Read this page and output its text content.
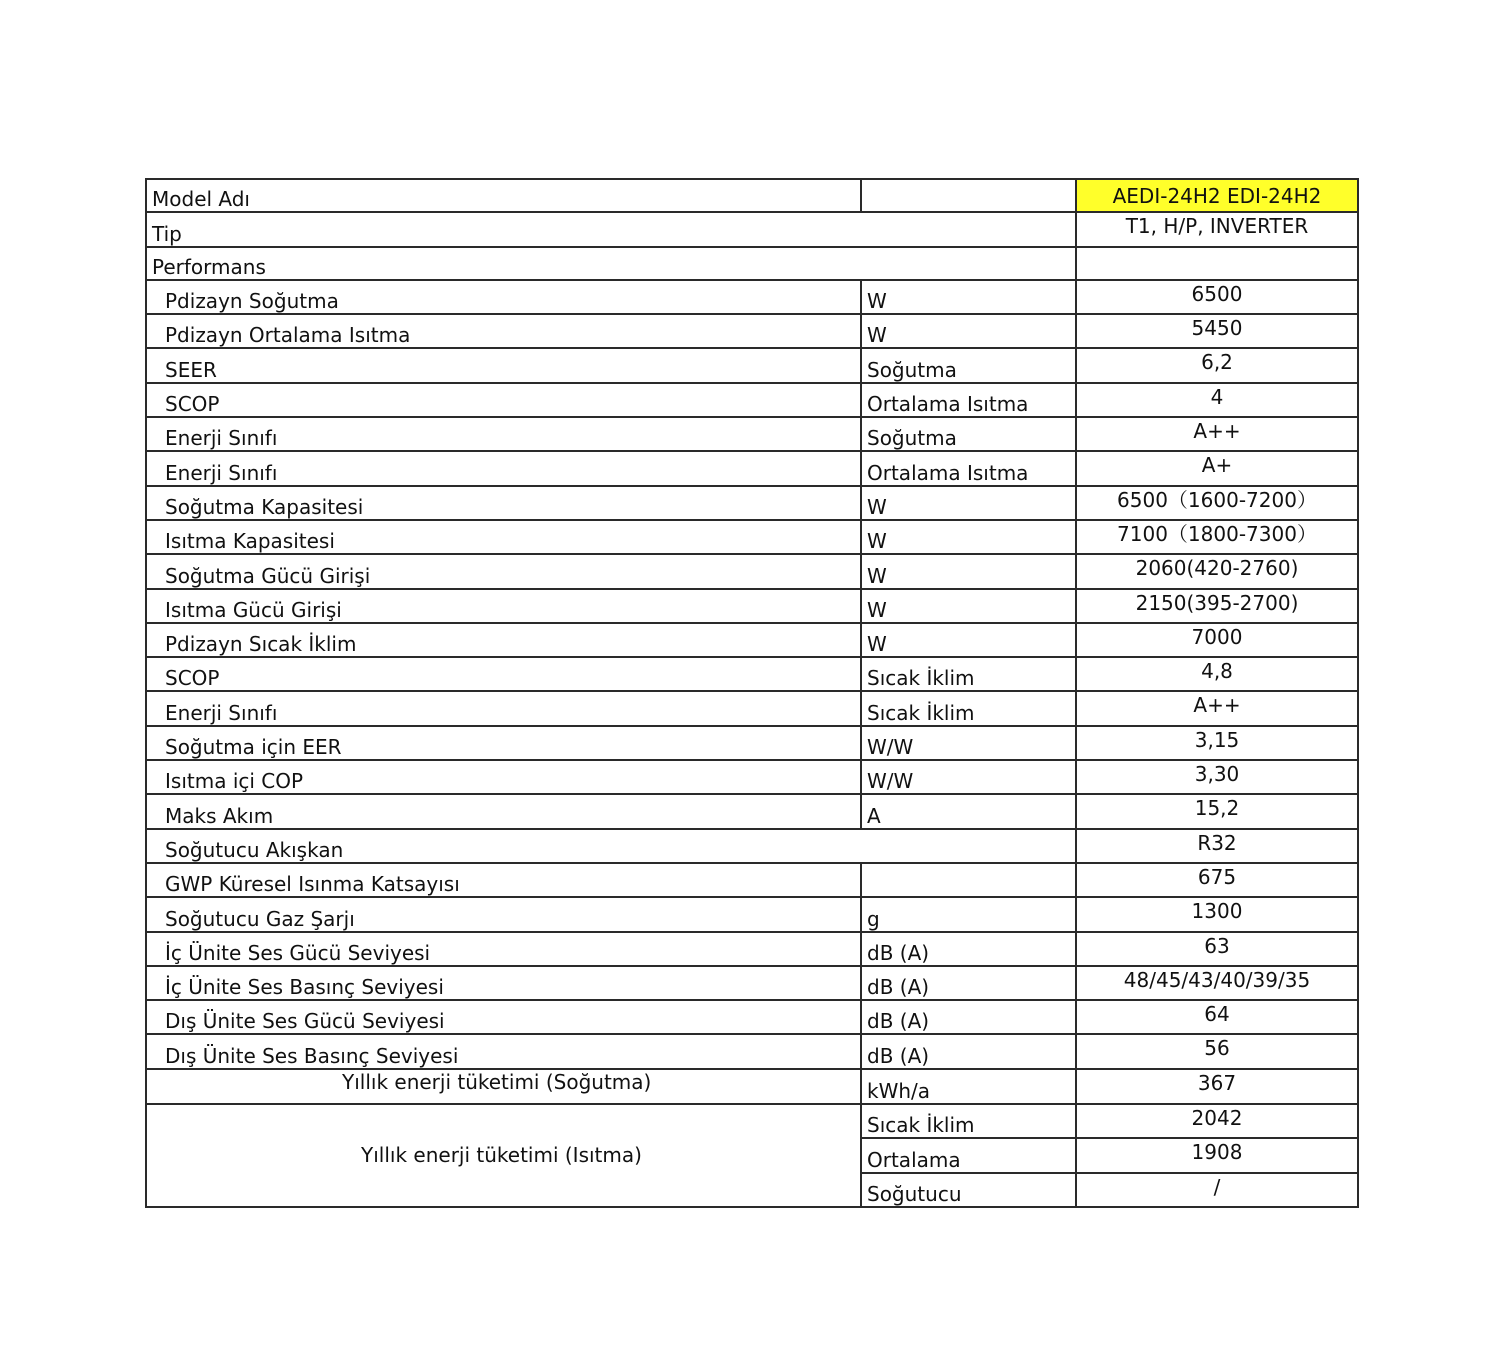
Model Adı		AEDI-24H2 EDI-24H2
Tip		T1, H/P, INVERTER
Performans		
Pdizayn Soğutma	W	6500
Pdizayn Ortalama Isıtma	W	5450
SEER	Soğutma	6,2
SCOP	Ortalama Isıtma	4
Enerji Sınıfı	Soğutma	A++
Enerji Sınıfı	Ortalama Isıtma	A+
Soğutma Kapasitesi	W	6500（1600-7200）
Isıtma Kapasitesi	W	7100（1800-7300）
Soğutma Gücü Girişi	W	2060(420-2760)
Isıtma Gücü Girişi	W	2150(395-2700)
Pdizayn Sıcak İklim	W	7000
SCOP	Sıcak İklim	4,8
Enerji Sınıfı	Sıcak İklim	A++
Soğutma için EER	W/W	3,15
Isıtma içi COP	W/W	3,30
Maks Akım	A	15,2
Soğutucu Akışkan		R32
GWP Küresel Isınma Katsayısı		675
Soğutucu Gaz Şarjı	g	1300
İç Ünite Ses Gücü Seviyesi	dB (A)	63
İç Ünite Ses Basınç Seviyesi	dB (A)	48/45/43/40/39/35
Dış Ünite Ses Gücü Seviyesi	dB (A)	64
Dış Ünite Ses Basınç Seviyesi	dB (A)	56
Yıllık enerji tüketimi (Soğutma)	kWh/a	367
Yıllık enerji tüketimi (Isıtma)	Sıcak İklim	2042
	Ortalama	1908
	Soğutucu	/
